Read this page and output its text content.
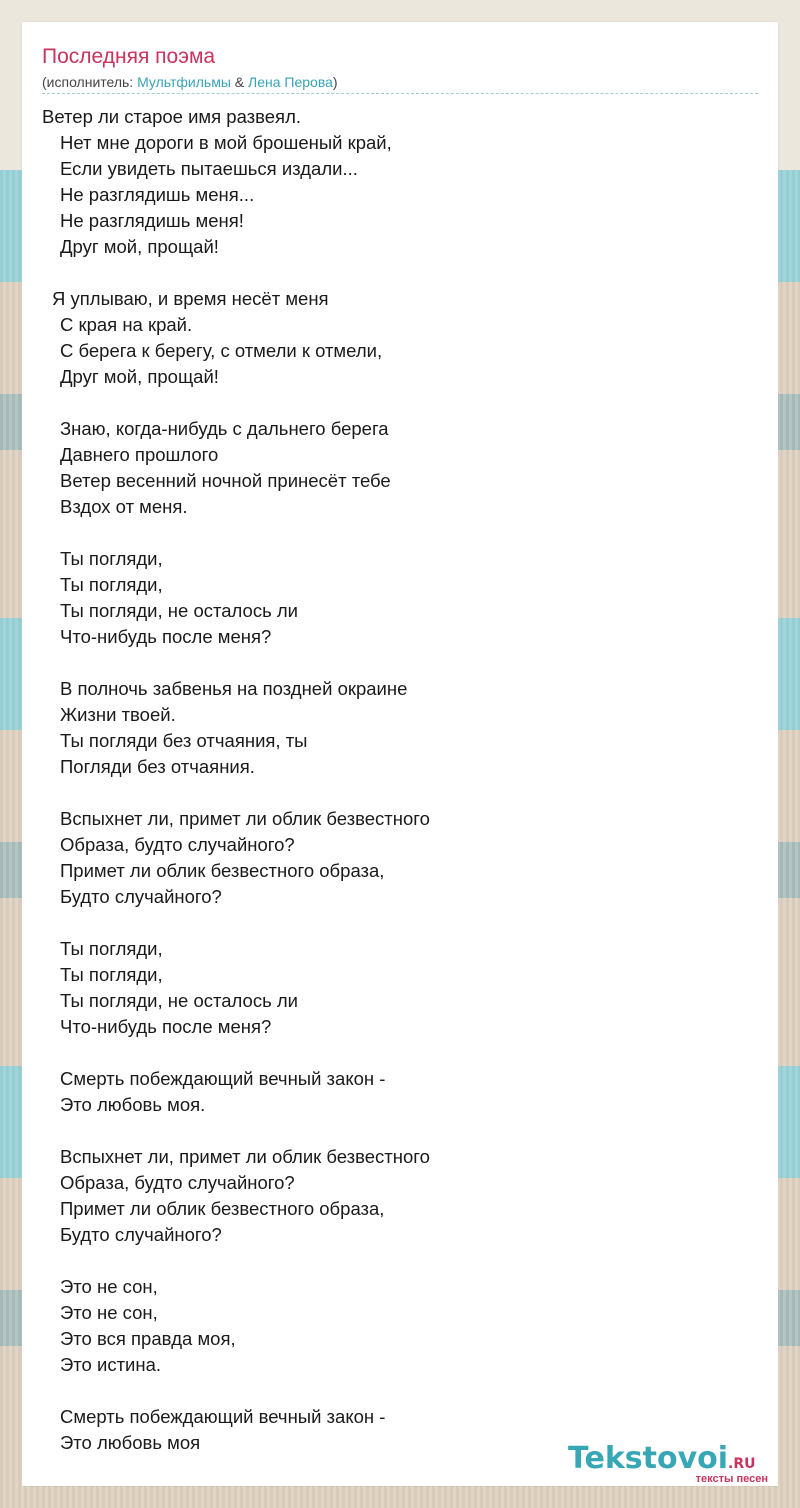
Последняя поэма
(исполнитель: Мультфильмы & Лена Перова)
Ветер ли старое имя развеял.
Нет мне дороги в мой брошеный край,
Если увидеть пытаешься издали...
Не разглядишь меня...
Не разглядишь меня!
Друг мой, прощай!
Я уплываю, и время несёт меня
С края на край.
С берега к берегу, с отмели к отмели,
Друг мой, прощай!
Знаю, когда-нибудь с дальнего берега
Давнего прошлого
Ветер весенний ночной принесёт тебе
Вздох от меня.
Ты погляди,
Ты погляди,
Ты погляди, не осталось ли
Что-нибудь после меня?
В полночь забвенья на поздней окраине
Жизни твоей.
Ты погляди без отчаяния, ты
Погляди без отчаяния.
Вспыхнет ли, примет ли облик безвестного
Образа, будто случайного?
Примет ли облик безвестного образа,
Будто случайного?
Ты погляди,
Ты погляди,
Ты погляди, не осталось ли
Что-нибудь после меня?
Смерть побеждающий вечный закон -
Это любовь моя.
Вспыхнет ли, примет ли облик безвестного
Образа, будто случайного?
Примет ли облик безвестного образа,
Будто случайного?
Это не сон,
Это не сон,
Это вся правда моя,
Это истина.
Смерть побеждающий вечный закон -
Это любовь моя	Tekstovoi.RU
тексты песен
